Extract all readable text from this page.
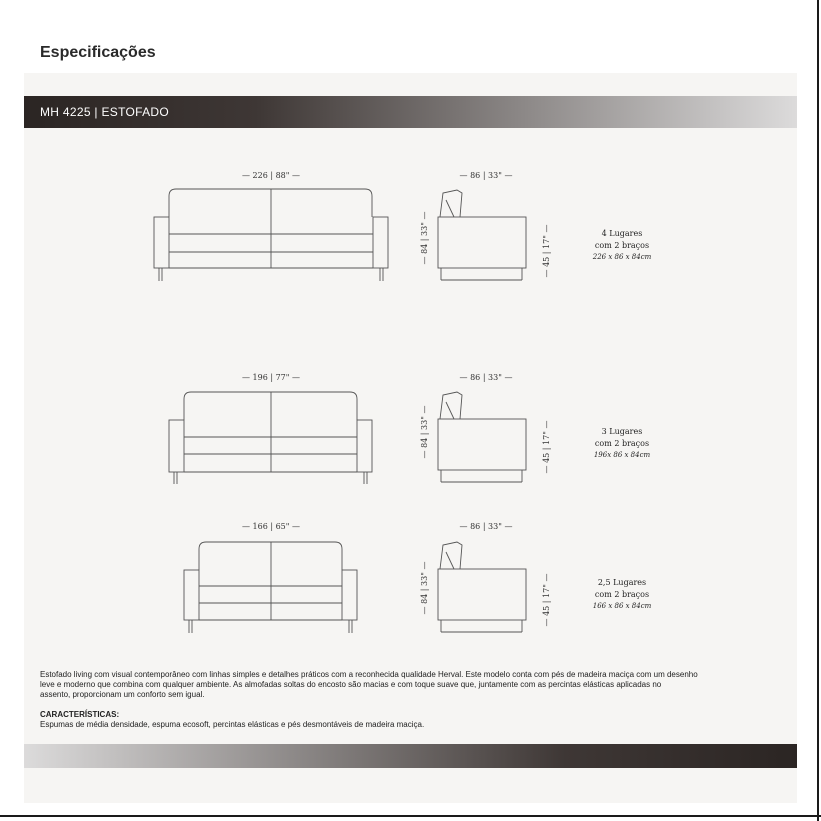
Especificações
MH 4225 | ESTOFADO
— 226 | 88" —	— 86 | 33" —
— 84 | 33" —	— 45 | 17" —	4 Lugares
com 2 braços
226 x 86 x 84cm
— 196 | 77" —	— 86 | 33" —
— 84 | 33" —	— 45 | 17" —	3 Lugares
com 2 braços
196x 86 x 84cm
— 166 | 65" —	— 86 | 33" —
— 84 | 33" —	— 45 | 17" —	2,5 Lugares
com 2 braços
166 x 86 x 84cm
Estofado living com visual contemporâneo com linhas simples e detalhes práticos com a reconhecida qualidade Herval. Este modelo conta com pés de madeira maciça com um desenho
leve e moderno que combina com qualquer ambiente. As almofadas soltas do encosto são macias e com toque suave que, juntamente com as percintas elásticas aplicadas no
assento, proporcionam um conforto sem igual.
CARACTERÍSTICAS:
Espumas de média densidade, espuma ecosoft, percintas elásticas e pés desmontáveis de madeira maciça.
